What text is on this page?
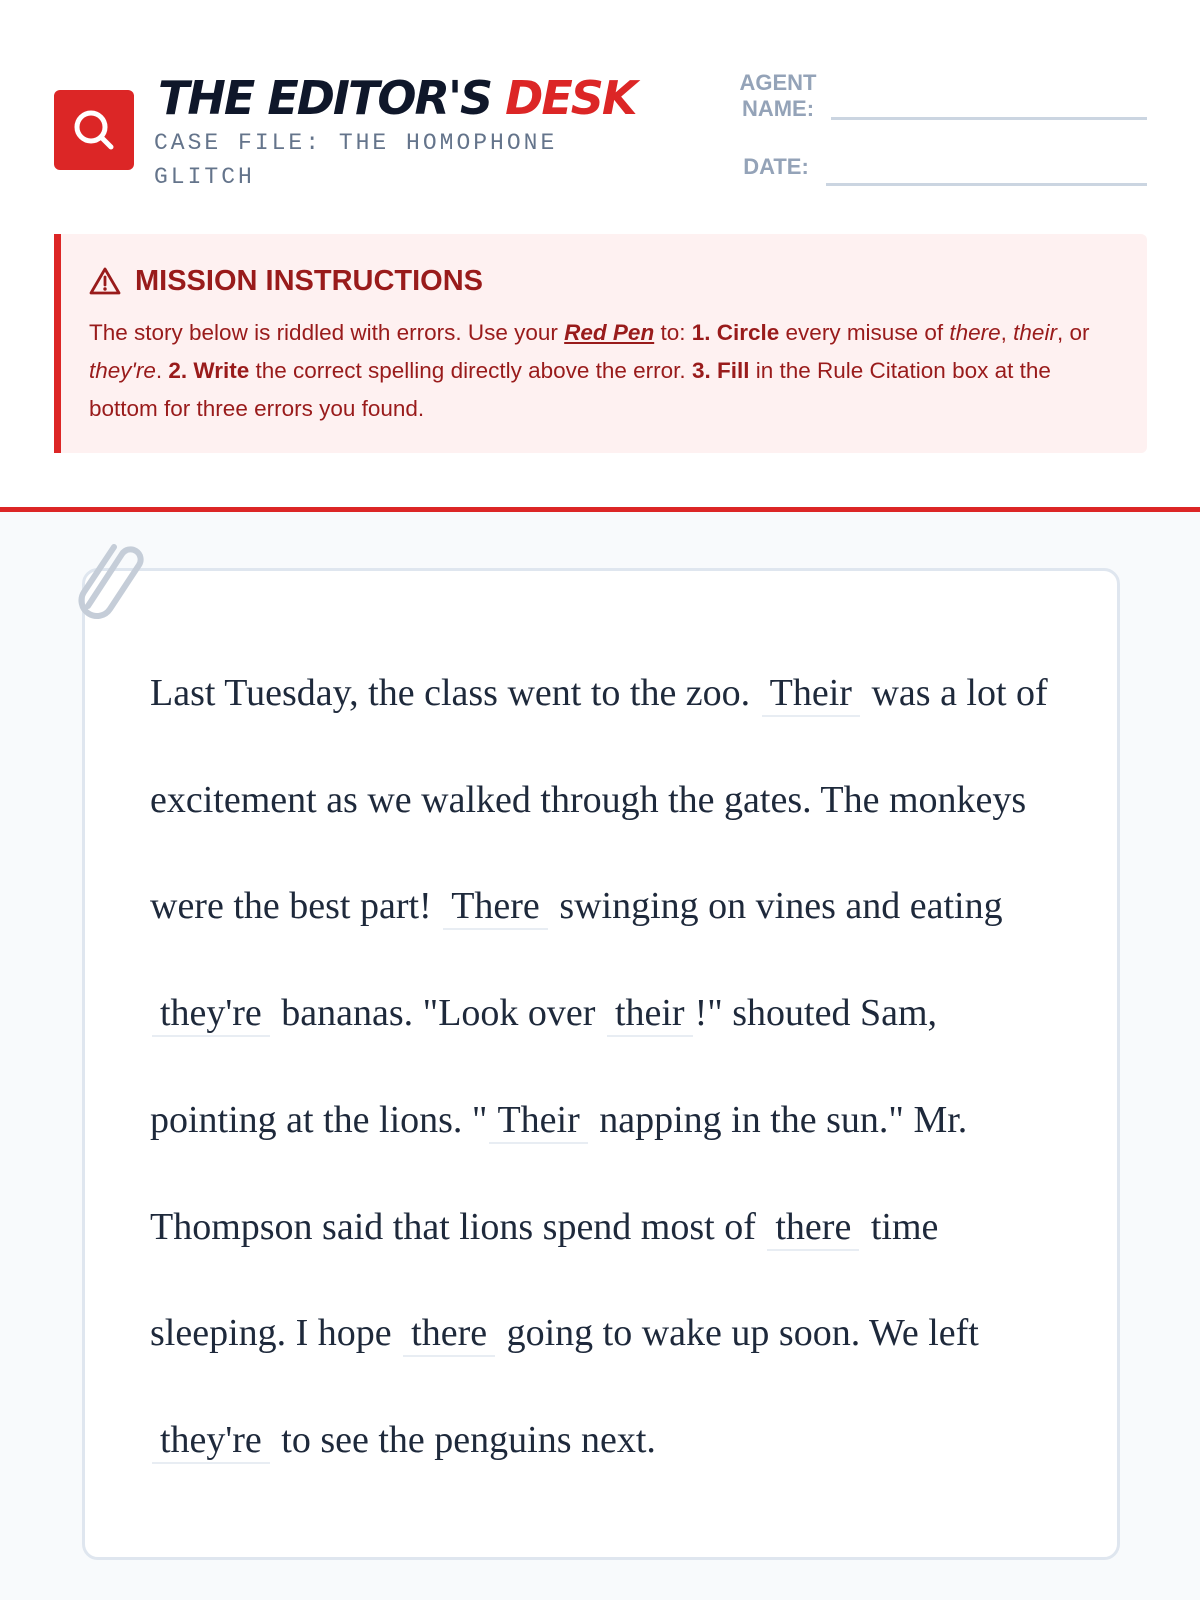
THE EDITOR'S DESK
CASE FILE: THE HOMOPHONE GLITCH
AGENT NAME:
DATE:
MISSION INSTRUCTIONS
The story below is riddled with errors. Use your Red Pen to: 1. Circle every misuse of there, their, or they're. 2. Write the correct spelling directly above the error. 3. Fill in the Rule Citation box at the bottom for three errors you found.
Last Tuesday, the class went to the zoo. Their was a lot of excitement as we walked through the gates. The monkeys were the best part! There swinging on vines and eating they're bananas. "Look over their !" shouted Sam, pointing at the lions. " Their napping in the sun." Mr. Thompson said that lions spend most of there time sleeping. I hope there going to wake up soon. We left they're to see the penguins next.
